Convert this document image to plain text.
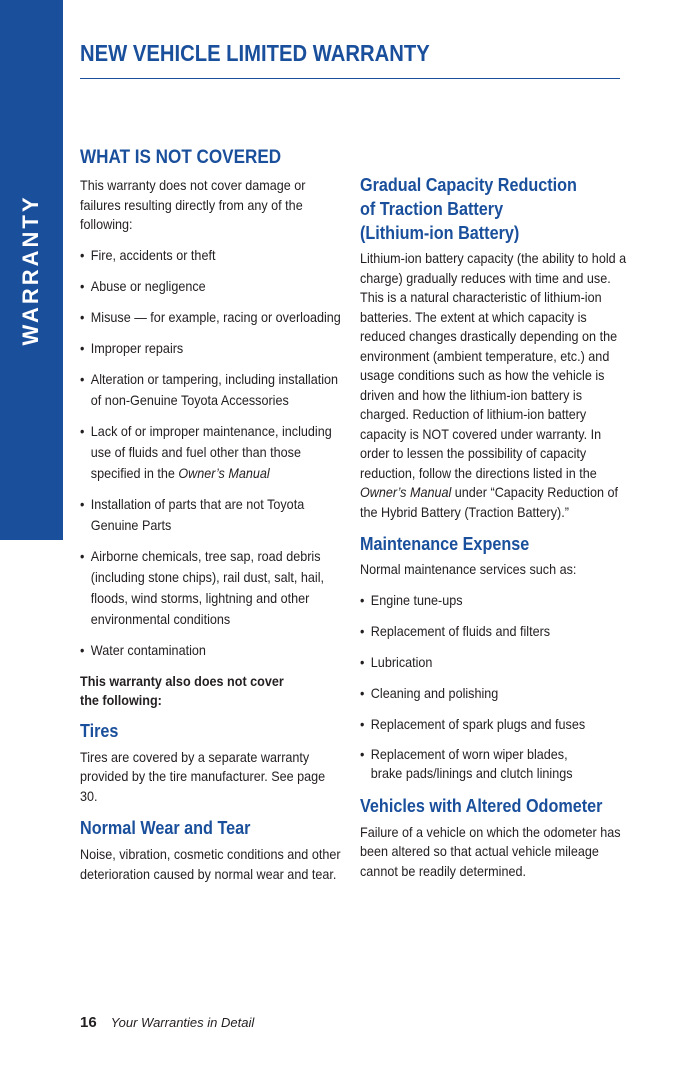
WARRANTY
NEW VEHICLE LIMITED WARRANTY
WHAT IS NOT COVERED

This warranty does not cover damage or failures resulting directly from any of the following:

• Fire, accidents or theft
• Abuse or negligence
• Misuse — for example, racing or overloading
• Improper repairs
• Alteration or tampering, including installation of non-Genuine Toyota Accessories
• Lack of or improper maintenance, including use of fluids and fuel other than those specified in the Owner’s Manual
• Installation of parts that are not Toyota Genuine Parts
• Airborne chemicals, tree sap, road debris (including stone chips), rail dust, salt, hail, floods, wind storms, lightning and other environmental conditions
• Water contamination

This warranty also does not cover the following:

Tires

Tires are covered by a separate warranty provided by the tire manufacturer. See page 30.

Normal Wear and Tear

Noise, vibration, cosmetic conditions and other deterioration caused by normal wear and tear.

Gradual Capacity Reduction
of Traction Battery
(Lithium-ion Battery)

Lithium-ion battery capacity (the ability to hold a charge) gradually reduces with time and use. This is a natural characteristic of lithium-ion batteries. The extent at which capacity is reduced changes drastically depending on the environment (ambient temperature, etc.) and usage conditions such as how the vehicle is driven and how the lithium-ion battery is charged. Reduction of lithium-ion battery capacity is NOT covered under warranty. In order to lessen the possibility of capacity reduction, follow the directions listed in the Owner’s Manual under “Capacity Reduction of the Hybrid Battery (Traction Battery).”

Maintenance Expense

Normal maintenance services such as:

• Engine tune-ups
• Replacement of fluids and filters
• Lubrication
• Cleaning and polishing
• Replacement of spark plugs and fuses
• Replacement of worn wiper blades, brake pads/linings and clutch linings
Vehicles with Altered Odometer

Failure of a vehicle on which the odometer has been altered so that actual vehicle mileage cannot be readily determined.

16 Your Warranties in Detail
